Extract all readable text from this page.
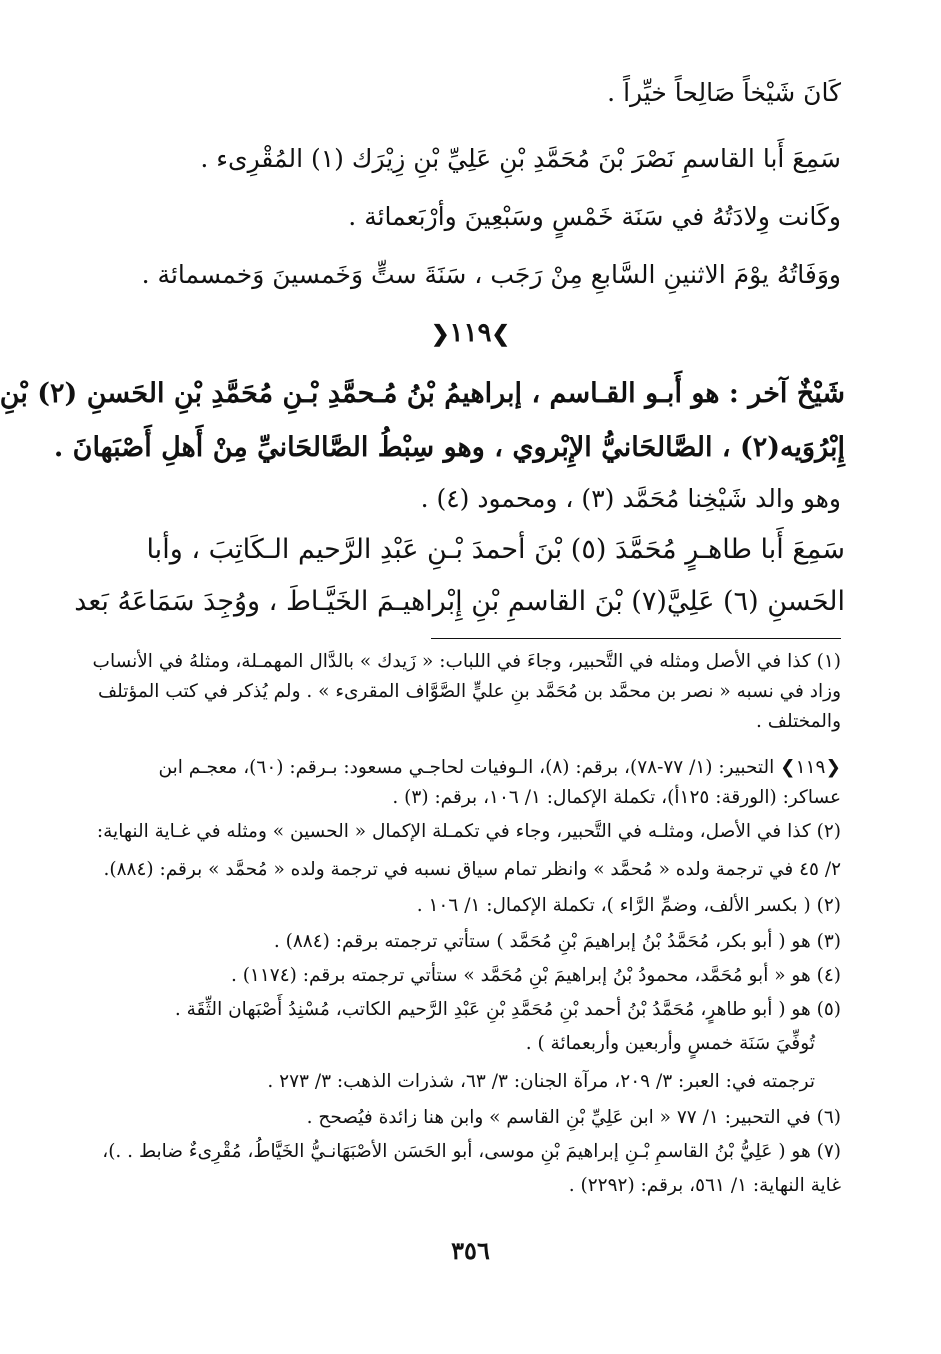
كَانَ شَيْخاً صَالِحاً خيِّراً .
سَمِعَ أَبا القاسمِ نَصْرَ بْنَ مُحَمَّدِ بْنِ عَلِيِّ بْنِ زِيْرَك (١) المُقْرِىء .
وكَانت وِلادَتُهُ في سَنَة خَمْسٍ وسَبْعِينَ وأرْبَعمائة .
ووَفَاتُهُ يوْمَ الاثنينِ السَّابعِ مِنْ رَجَب ، سَنَةَ ستٍّ وَخَمسينَ وَخمسمائة .
❯١١٩❮
شَيْخٌ آخر : هو أَبـو القـاسم ، إبراهيمُ بْنُ مُـحمَّدِ بْـنِ مُحَمَّدِ بْنِ الحَسنِ (٢) بْنِ
إِبْرُوَيه(٢) ، الصَّالحَانيُّ الإِبْروي ، وهو سِبْطُ الصَّالحَانيِّ مِنْ أَهلِ أَصْبَهانَ .
وهو والد شَيْخِنا مُحَمَّد (٣) ، ومحمود (٤) .
سَمِعَ أَبا طاهـرٍ مُحَمَّدَ (٥) بْنَ أحمدَ بْـنِ عَبْدِ الرَّحيم الـكَاتِبَ ، وأبا
الحَسنِ (٦) عَلِيَّ(٧) بْنَ القاسمِ بْنِ إِبْراهيـمَ الخَيَّـاطَ ، ووُجِدَ سَمَاعَهُ بَعد
(١) كذا في الأصل ومثله في التَّحبير، وجاءَ في اللباب: « زَيدك » بالدَّال المهمـلة، ومثلهُ في الأنساب
وزاد في نسبه « نصر بن محمَّد بن مُحَمَّد بنِ عليٍّ الصَّوَّاف المقرىء » . ولم يُذكر في كتب المؤتلف
والمختلف .
❮١١٩❯ التحبير: (١/ ٧٧-٧٨)، برقم: (٨)، الـوفيات لحاجـي مسعود: بـرقم: (٦٠)، معجـم ابن
عساكر: (الورقة: ١٢٥أ)، تكملة الإكمال: ١/ ١٠٦، برقم: (٣) .
(٢) كذا في الأصل، ومثلـه في التَّحبير، وجاء في تكمـلة الإكمال « الحسين » ومثله في غـاية النهاية:
٢/ ٤٥ في ترجمة ولده « مُحمَّد » وانظر تمام سياق نسبه في ترجمة ولده « مُحمَّد » برقم: (٨٨٤).
(٢) ( بكسر الألف، وضمِّ الرَّاء )، تكملة الإكمال: ١/ ١٠٦ .
(٣) هو ( أبو بكر، مُحَمَّدُ بْنُ إبراهيمَ بْنِ مُحَمَّد ) ستأتي ترجمته برقم: (٨٨٤) .
(٤) هو « أبو مُحَمَّد، محمودُ بْنُ إبراهيمَ بْنِ مُحَمَّد » ستأتي ترجمته برقم: (١١٧٤) .
(٥) هو ( أبو طاهرٍ، مُحَمَّدُ بْنُ أحمد بْنِ مُحَمَّدِ بْنِ عَبْدِ الرَّحيم الكاتب، مُسْنِدُ أَصْبَهان الثِّقَة .
تُوفِّيَ سَنَة خمسٍ وأربعين وأربعمائة ) .
ترجمته في: العبر: ٣/ ٢٠٩، مرآة الجنان: ٣/ ٦٣، شذرات الذهب: ٣/ ٢٧٣ .
(٦) في التحبير: ١/ ٧٧ « ابن عَلِيِّ بْنِ القاسم » وابن هنا زائدة فيُصحح .
(٧) هو ( عَلِيُّ بْنُ القاسمِ بْـنِ إبراهيمَ بْنِ موسى، أبو الحَسَن الأصْبَهَانـيُّ الخَيَّاطُ، مُقْرِىءٌ ضابط . .)،
غاية النهاية: ١/ ٥٦١، برقم: (٢٢٩٢) .
٣٥٦
